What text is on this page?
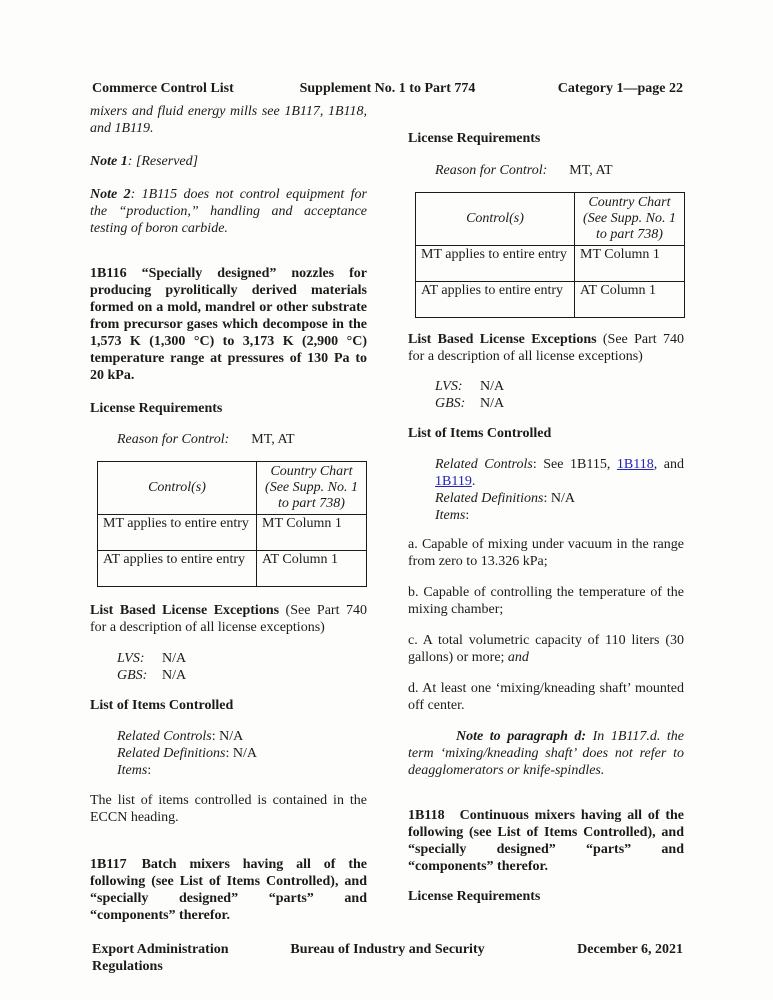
Commerce Control List	Supplement No. 1 to Part 774	Category 1—page 22

mixers and fluid energy mills see 1B117, 1B118, and 1B119.

Note 1: [Reserved]

Note 2: 1B115 does not control equipment for the “production,” handling and acceptance testing of boron carbide.

1B116 “Specially designed” nozzles for producing pyrolitically derived materials formed on a mold, mandrel or other substrate from precursor gases which decompose in the 1,573 K (1,300 °C) to 3,173 K (2,900 °C) temperature range at pressures of 130 Pa to 20 kPa.

License Requirements

Reason for Control: MT, AT

Control(s)	Country Chart
(See Supp. No. 1 to part 738)

MT applies to entire entry	MT Column 1
AT applies to entire entry	AT Column 1

List Based License Exceptions (See Part 740 for a description of all license exceptions)

LVS: N/A
GBS: N/A
List of Items Controlled
Related Controls: N/A
Related Definitions: N/A
Items:

The list of items controlled is contained in the ECCN heading.

1B117 Batch mixers having all of the following (see List of Items Controlled), and “specially designed” “parts” and “components” therefor.

License Requirements

Reason for Control: MT, AT

Control(s)	Country Chart
(See Supp. No. 1 to part 738)

MT applies to entire entry	MT Column 1
AT applies to entire entry	AT Column 1

List Based License Exceptions (See Part 740 for a description of all license exceptions)

LVS: N/A
GBS: N/A
List of Items Controlled
Related Controls: See 1B115, 1B118, and 1B119.
Related Definitions: N/A
Items:

a. Capable of mixing under vacuum in the range from zero to 13.326 kPa;

b. Capable of controlling the temperature of the mixing chamber;

c. A total volumetric capacity of 110 liters (30 gallons) or more; and

d. At least one ‘mixing/kneading shaft’ mounted off center.

Note to paragraph d: In 1B117.d. the term ‘mixing/kneading shaft’ does not refer to deagglomerators or knife-spindles.

1B118 Continuous mixers having all of the following (see List of Items Controlled), and “specially designed” “parts” and “components” therefor.

License Requirements
Export Administration Regulations
Bureau of Industry and Security	December 6, 2021
